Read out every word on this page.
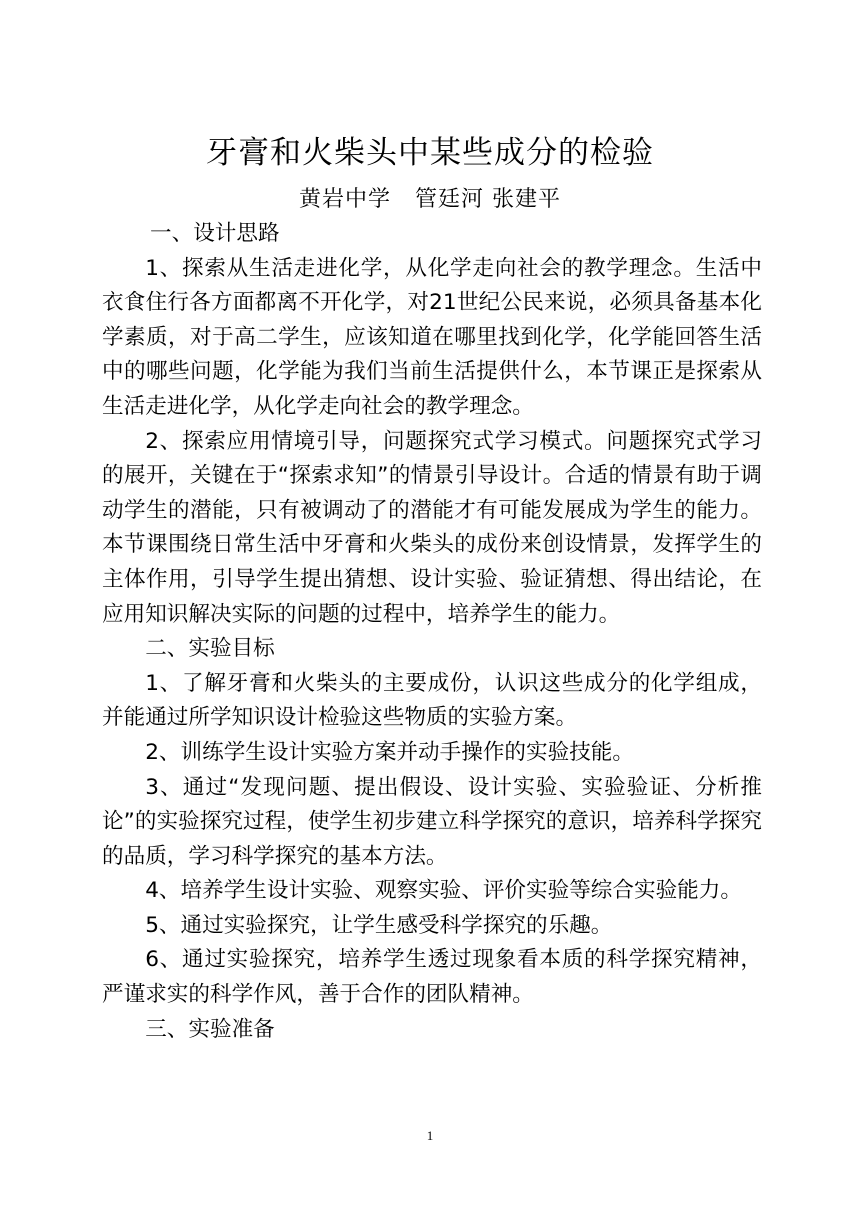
牙膏和火柴头中某些成分的检验
黄岩中学   管廷河 张建平

一、设计思路

1、探索从生活走进化学，从化学走向社会的教学理念。生活中衣食住行各方面都离不开化学，对21世纪公民来说，必须具备基本化学素质，对于高二学生，应该知道在哪里找到化学，化学能回答生活中的哪些问题，化学能为我们当前生活提供什么，本节课正是探索从生活走进化学，从化学走向社会的教学理念。

2、探索应用情境引导，问题探究式学习模式。问题探究式学习的展开，关键在于“探索求知”的情景引导设计。合适的情景有助于调动学生的潜能，只有被调动了的潜能才有可能发展成为学生的能力。本节课围绕日常生活中牙膏和火柴头的成份来创设情景，发挥学生的主体作用，引导学生提出猜想、设计实验、验证猜想、得出结论，在应用知识解决实际的问题的过程中，培养学生的能力。

二、实验目标

1、了解牙膏和火柴头的主要成份，认识这些成分的化学组成，并能通过所学知识设计检验这些物质的实验方案。

2、训练学生设计实验方案并动手操作的实验技能。

3、通过“发现问题、提出假设、设计实验、实验验证、分析推论”的实验探究过程，使学生初步建立科学探究的意识，培养科学探究的品质，学习科学探究的基本方法。

4、培养学生设计实验、观察实验、评价实验等综合实验能力。

5、通过实验探究，让学生感受科学探究的乐趣。

6、通过实验探究，培养学生透过现象看本质的科学探究精神，严谨求实的科学作风，善于合作的团队精神。

三、实验准备

1
